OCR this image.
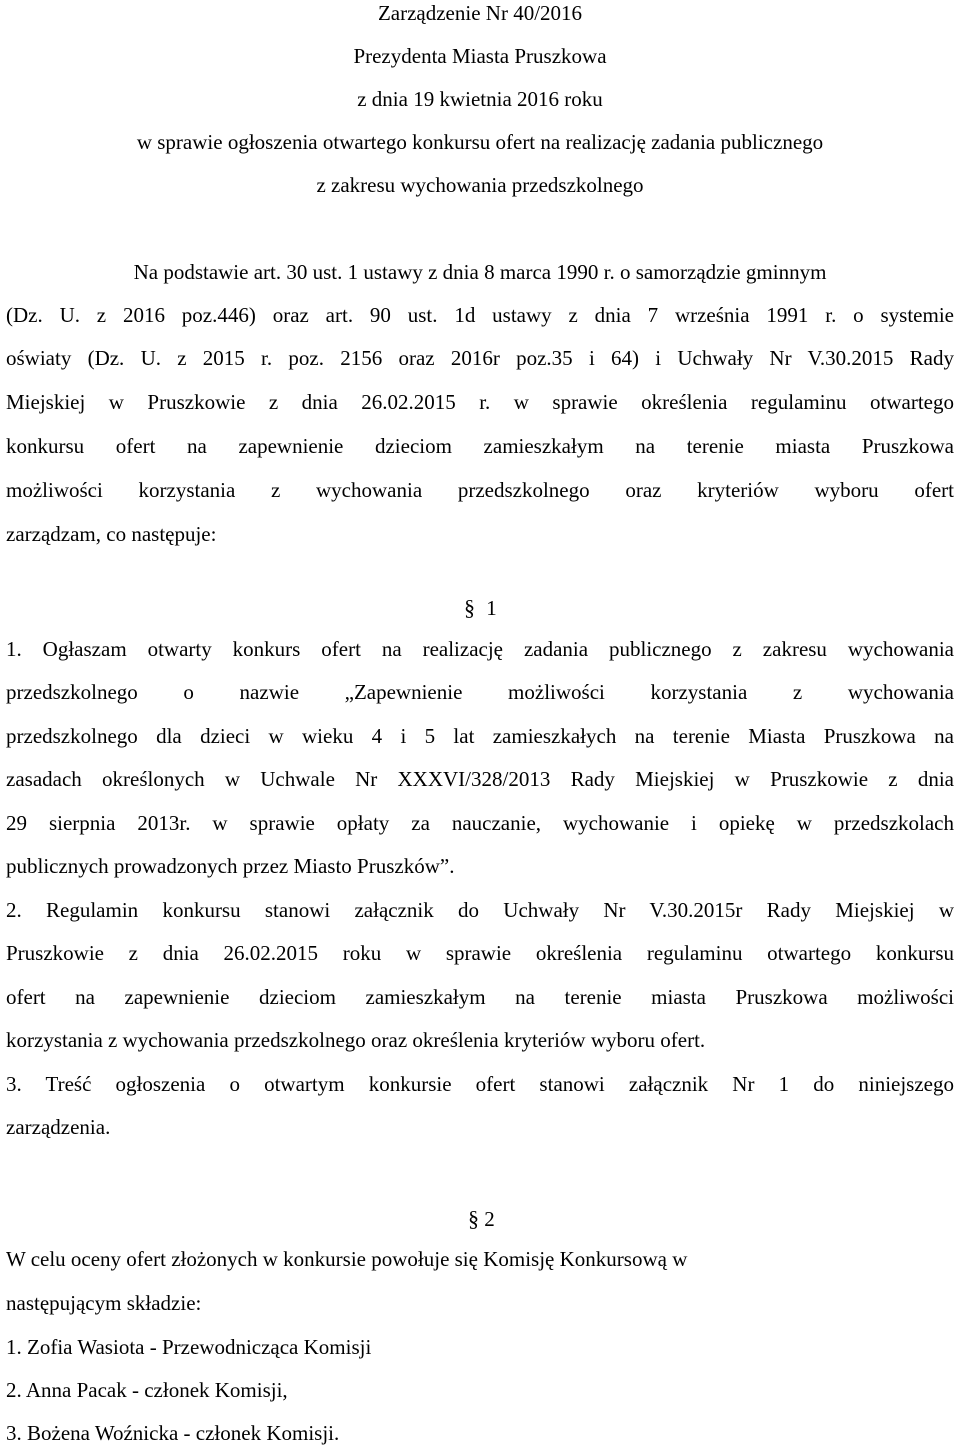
Zarządzenie Nr 40/2016
Prezydenta Miasta Pruszkowa
z dnia 19 kwietnia 2016 roku
w sprawie ogłoszenia otwartego konkursu ofert na realizację zadania publicznego
z zakresu wychowania przedszkolnego
Na podstawie art. 30 ust. 1 ustawy z dnia 8 marca 1990 r. o samorządzie gminnym
(Dz. U. z 2016 poz.446) oraz art. 90 ust. 1d ustawy z dnia 7 września 1991 r. o systemie
oświaty (Dz. U. z 2015 r. poz. 2156 oraz 2016r poz.35 i 64) i Uchwały Nr V.30.2015 Rady
Miejskiej w Pruszkowie z dnia 26.02.2015 r. w sprawie określenia regulaminu otwartego
konkursu ofert na zapewnienie dzieciom zamieszkałym na terenie miasta Pruszkowa
możliwości korzystania z wychowania przedszkolnego oraz kryteriów wyboru ofert
zarządzam, co następuje:
§ 1
1. Ogłaszam otwarty konkurs ofert na realizację zadania publicznego z zakresu wychowania
przedszkolnego o nazwie „Zapewnienie możliwości korzystania z wychowania
przedszkolnego dla dzieci w wieku 4 i 5 lat zamieszkałych na terenie Miasta Pruszkowa na
zasadach określonych w Uchwale Nr XXXVI/328/2013 Rady Miejskiej w Pruszkowie z dnia
29 sierpnia 2013r. w sprawie opłaty za nauczanie, wychowanie i opiekę w przedszkolach
publicznych prowadzonych przez Miasto Pruszków”.
2. Regulamin konkursu stanowi załącznik do Uchwały Nr V.30.2015r Rady Miejskiej w
Pruszkowie z dnia 26.02.2015 roku w sprawie określenia regulaminu otwartego konkursu
ofert na zapewnienie dzieciom zamieszkałym na terenie miasta Pruszkowa możliwości
korzystania z wychowania przedszkolnego oraz określenia kryteriów wyboru ofert.
3. Treść ogłoszenia o otwartym konkursie ofert stanowi załącznik Nr 1 do niniejszego
zarządzenia.
§ 2
W celu oceny ofert złożonych w konkursie powołuje się Komisję Konkursową w
następującym składzie:
1. Zofia Wasiota - Przewodnicząca Komisji
2. Anna Pacak - członek Komisji,
3. Bożena Woźnicka - członek Komisji.
